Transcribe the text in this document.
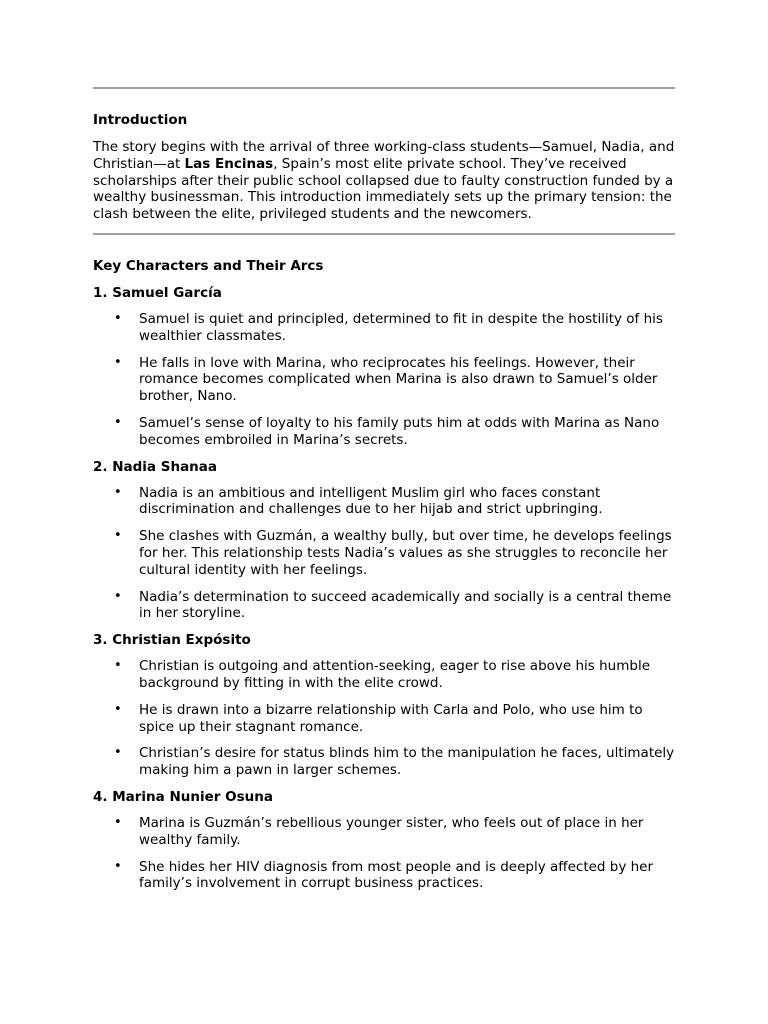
Introduction

The story begins with the arrival of three working-class students—Samuel, Nadia, and Christian—at Las Encinas, Spain’s most elite private school. They’ve received scholarships after their public school collapsed due to faulty construction funded by a wealthy businessman. This introduction immediately sets up the primary tension: the clash between the elite, privileged students and the newcomers.

Key Characters and Their Arcs
1. Samuel García
• Samuel is quiet and principled, determined to fit in despite the hostility of his wealthier classmates.
• He falls in love with Marina, who reciprocates his feelings. However, their romance becomes complicated when Marina is also drawn to Samuel’s older brother, Nano.
• Samuel’s sense of loyalty to his family puts him at odds with Marina as Nano becomes embroiled in Marina’s secrets.
2. Nadia Shanaa
• Nadia is an ambitious and intelligent Muslim girl who faces constant discrimination and challenges due to her hijab and strict upbringing.
• She clashes with Guzmán, a wealthy bully, but over time, he develops feelings for her. This relationship tests Nadia’s values as she struggles to reconcile her cultural identity with her feelings.
• Nadia’s determination to succeed academically and socially is a central theme in her storyline.
3. Christian Expósito
• Christian is outgoing and attention-seeking, eager to rise above his humble background by fitting in with the elite crowd.
• He is drawn into a bizarre relationship with Carla and Polo, who use him to spice up their stagnant romance.
• Christian’s desire for status blinds him to the manipulation he faces, ultimately making him a pawn in larger schemes.
4. Marina Nunier Osuna
• Marina is Guzmán’s rebellious younger sister, who feels out of place in her wealthy family.
• She hides her HIV diagnosis from most people and is deeply affected by her family’s involvement in corrupt business practices.
